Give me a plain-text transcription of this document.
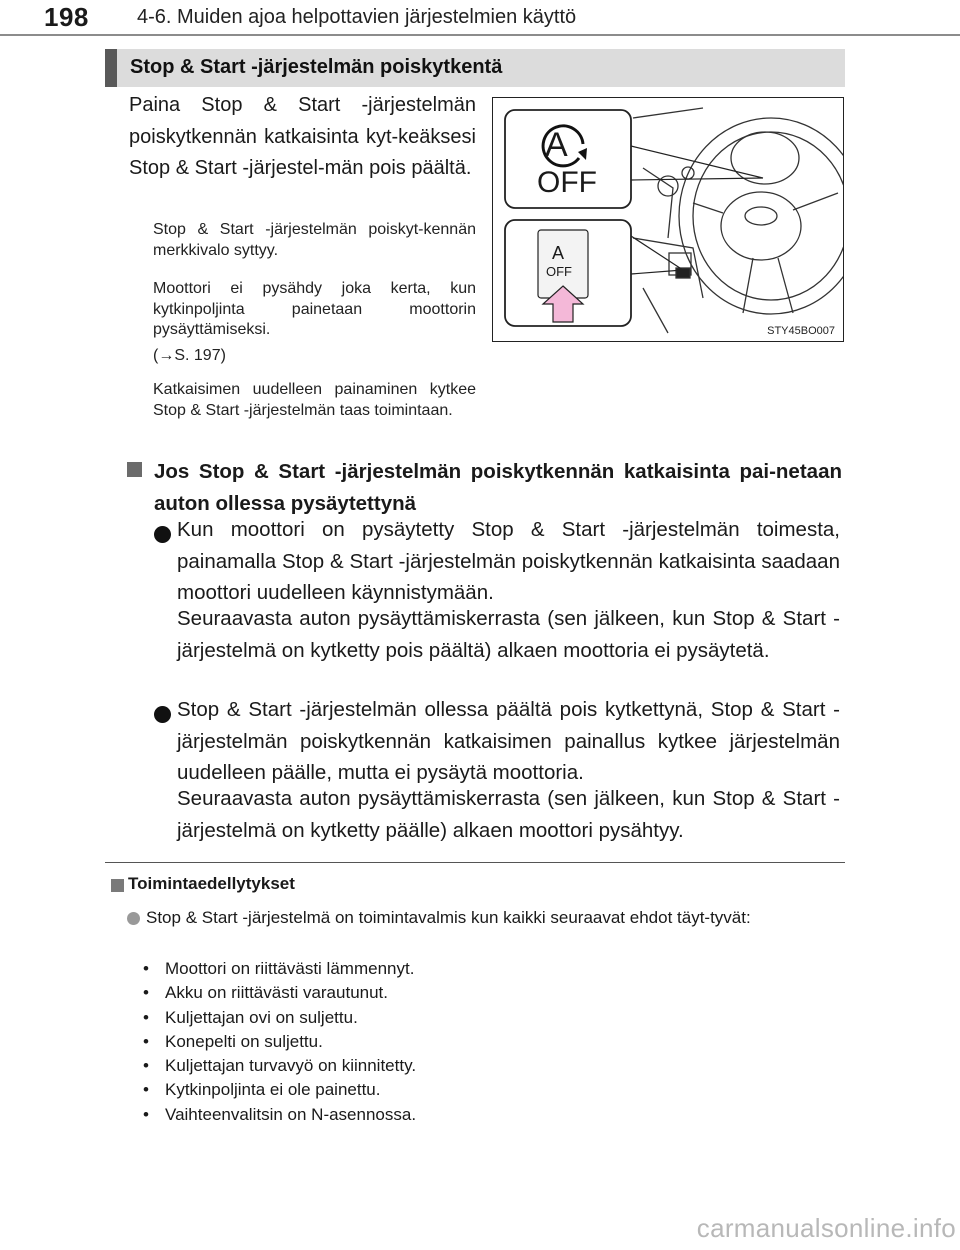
198 4-6. Muiden ajoa helpottavien järjestelmien käyttö
Stop & Start -järjestelmän poiskytkentä
Paina Stop & Start -järjestelmän poiskytkennän katkaisinta kyt-keäksesi Stop & Start -järjestel-män pois päältä.
Stop & Start -järjestelmän poiskyt-kennän merkkivalo syttyy.
Moottori ei pysähdy joka kerta, kun kytkinpoljinta painetaan moottorin pysäyttämiseksi.
(→S. 197)
Katkaisimen uudelleen painaminen kytkee Stop & Start -järjestelmän taas toimintaan.
A
OFF
A
OFF
STY45BO007
Jos Stop & Start -järjestelmän poiskytkennän katkaisinta pai-netaan auton ollessa pysäytettynä
Kun moottori on pysäytetty Stop & Start -järjestelmän toimesta, painamalla Stop & Start -järjestelmän poiskytkennän katkaisinta saadaan moottori uudelleen käynnistymään.
Seuraavasta auton pysäyttämiskerrasta (sen jälkeen, kun Stop & Start -järjestelmä on kytketty pois päältä) alkaen moottoria ei pysäytetä.
Stop & Start -järjestelmän ollessa päältä pois kytkettynä, Stop & Start -järjestelmän poiskytkennän katkaisimen painallus kytkee järjestelmän uudelleen päälle, mutta ei pysäytä moottoria.
Seuraavasta auton pysäyttämiskerrasta (sen jälkeen, kun Stop & Start -järjestelmä on kytketty päälle) alkaen moottori pysähtyy.
Toimintaedellytykset
Stop & Start -järjestelmä on toimintavalmis kun kaikki seuraavat ehdot täyt-tyvät:
• Moottori on riittävästi lämmennyt.
• Akku on riittävästi varautunut.
• Kuljettajan ovi on suljettu.
• Konepelti on suljettu.
• Kuljettajan turvavyö on kiinnitetty.
• Kytkinpoljinta ei ole painettu.
• Vaihteenvalitsin on N-asennossa.
carmanualsonline.info
